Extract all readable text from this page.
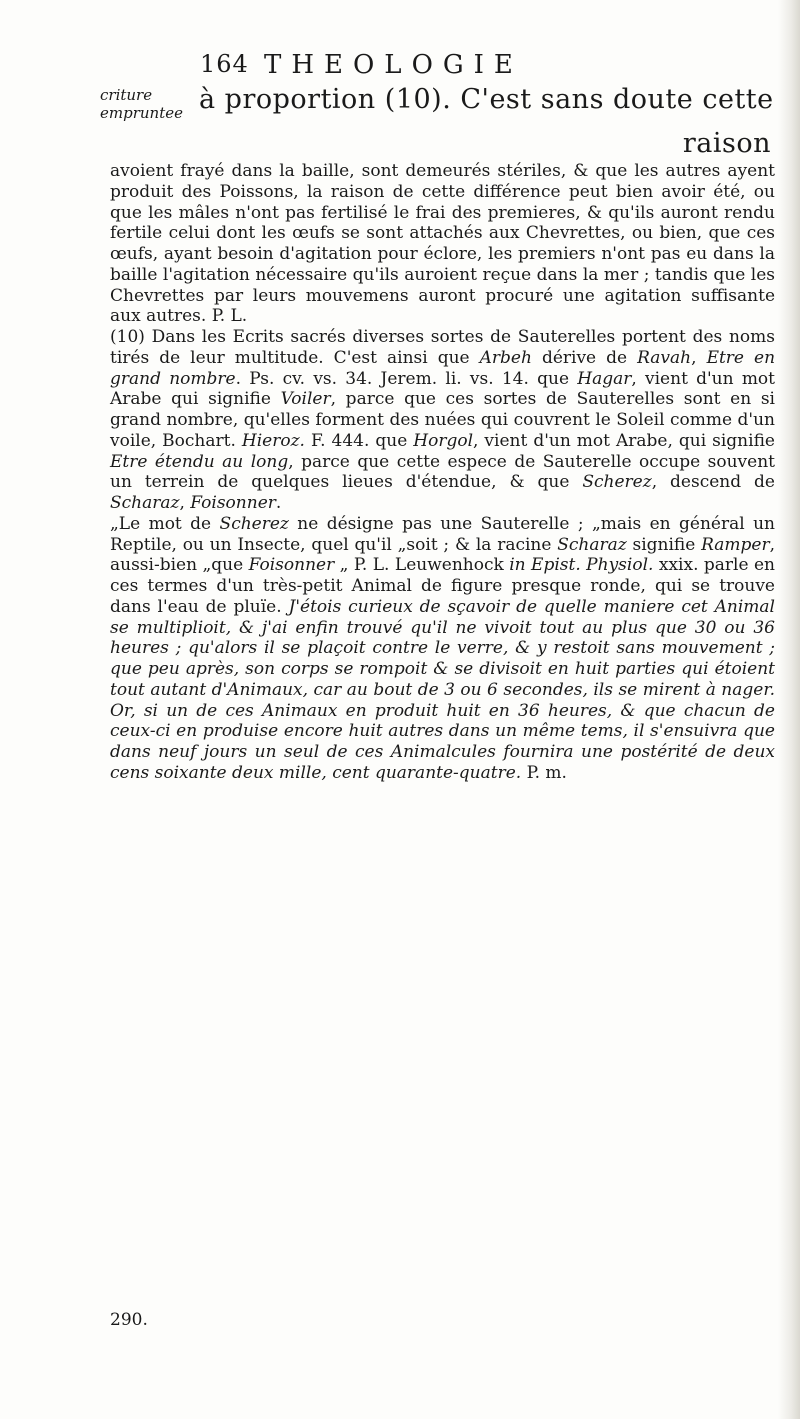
164 THEOLOGIE
criture
empruntee à proportion (10). C'est sans doute cette
raison

avoient frayé dans la baille, sont demeurés stériles, & que les autres ayent produit des Poissons, la raison de cette différence peut bien avoir été, ou que les mâles n'ont pas fertilisé le frai des premieres, & qu'ils auront rendu fertile celui dont les œufs se sont attachés aux Chevrettes, ou bien, que ces œufs, ayant besoin d'agitation pour éclore, les premiers n'ont pas eu dans la baille l'agitation nécessaire qu'ils auroient reçue dans la mer ; tandis que les Chevrettes par leurs mouvemens auront procuré une agitation suffisante aux autres. P. L.

(10) Dans les Ecrits sacrés diverses sortes de Sauterelles portent des noms tirés de leur multitude. C'est ainsi que Arbeh dérive de Ravah, Etre en grand nombre. Ps. cv. vs. 34. Jerem. li. vs. 14. que Hagar, vient d'un mot Arabe qui signifie Voiler, parce que ces sortes de Sauterelles sont en si grand nombre, qu'elles forment des nuées qui couvrent le Soleil comme d'un voile, Bochart. Hieroz. F. 444. que Horgol, vient d'un mot Arabe, qui signifie Etre étendu au long, parce que cette espece de Sauterelle occupe souvent un terrein de quelques lieues d'étendue, & que Scherez, descend de Scharaz, Foisonner.

„Le mot de Scherez ne désigne pas une Sauterelle ; „mais en général un Reptile, ou un Insecte, quel qu'il „soit ; & la racine Scharaz signifie Ramper, aussi-bien „que Foisonner „ P. L. Leuwenhock in Epist. Physiol. xxix. parle en ces termes d'un très-petit Animal de figure presque ronde, qui se trouve dans l'eau de pluïe. J'étois curieux de sçavoir de quelle maniere cet Animal se multiplioit, & j'ai enfin trouvé qu'il ne vivoit tout au plus que 30 ou 36 heures ; qu'alors il se plaçoit contre le verre, & y restoit sans mouvement ; que peu après, son corps se rompoit & se divisoit en huit parties qui étoient tout autant d'Animaux, car au bout de 3 ou 6 secondes, ils se mirent à nager. Or, si un de ces Animaux en produit huit en 36 heures, & que chacun de ceux-ci en produise encore huit autres dans un même tems, il s'ensuivra que dans neuf jours un seul de ces Animalcules fournira une postérité de deux cens soixante deux mille, cent quarante-quatre. P. m.

290.
